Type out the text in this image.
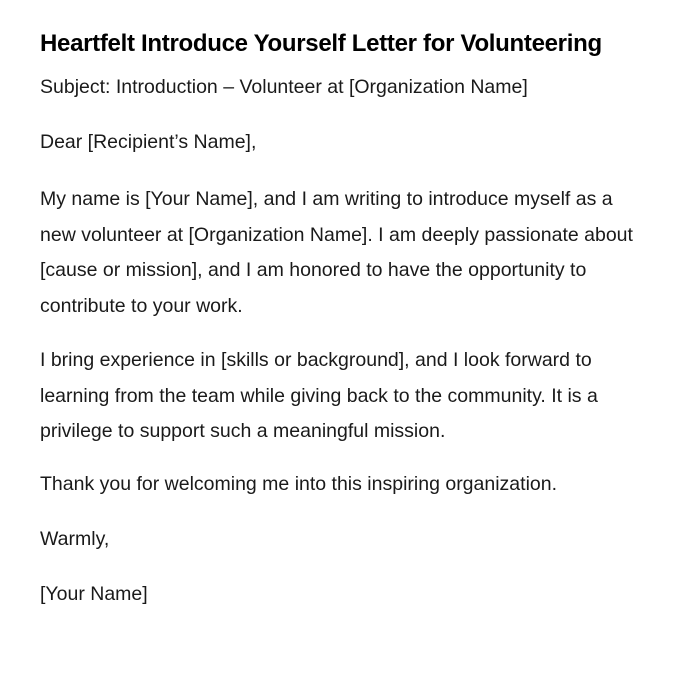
Heartfelt Introduce Yourself Letter for Volunteering

Subject: Introduction – Volunteer at [Organization Name]

Dear [Recipient’s Name],

My name is [Your Name], and I am writing to introduce myself as a new volunteer at [Organization Name]. I am deeply passionate about [cause or mission], and I am honored to have the opportunity to contribute to your work.

I bring experience in [skills or background], and I look forward to learning from the team while giving back to the community. It is a privilege to support such a meaningful mission.

Thank you for welcoming me into this inspiring organization.

Warmly,

[Your Name]
